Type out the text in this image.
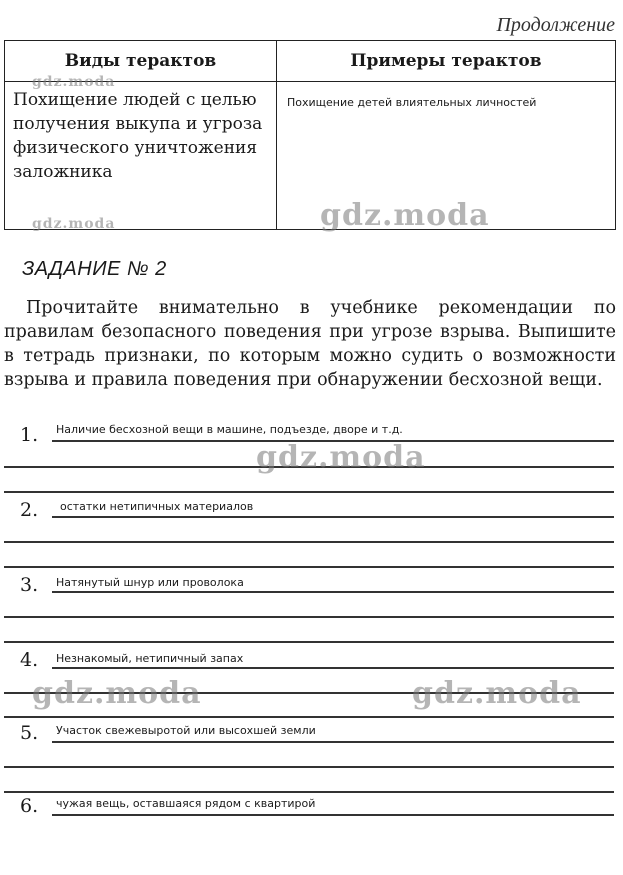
Продолжение
Виды терактов	Примеры терактов
Похищение людей с целью получения выкупа и угроза физического уничтожения заложника	Похищение детей влиятельных личностей
ЗАДАНИЕ № 2
Прочитайте внимательно в учебнике рекомендации по правилам безопасного поведения при угрозе взрыва. Выпишите в тетрадь признаки, по которым можно судить о возможности взрыва и правила поведения при обнаружении бесхозной вещи.
1. Наличие бесхозной вещи в машине, подъезде, дворе и т.д.
2. остатки нетипичных материалов
3. Натянутый шнур или проволока
4. Незнакомый, нетипичный запах
5. Участок свежевыротой или высохшей земли
6. чужая вещь, оставшаяся рядом с квартирой
gdz.moda
gdz.moda	gdz.moda
gdz.moda
gdz.moda	gdz.moda
